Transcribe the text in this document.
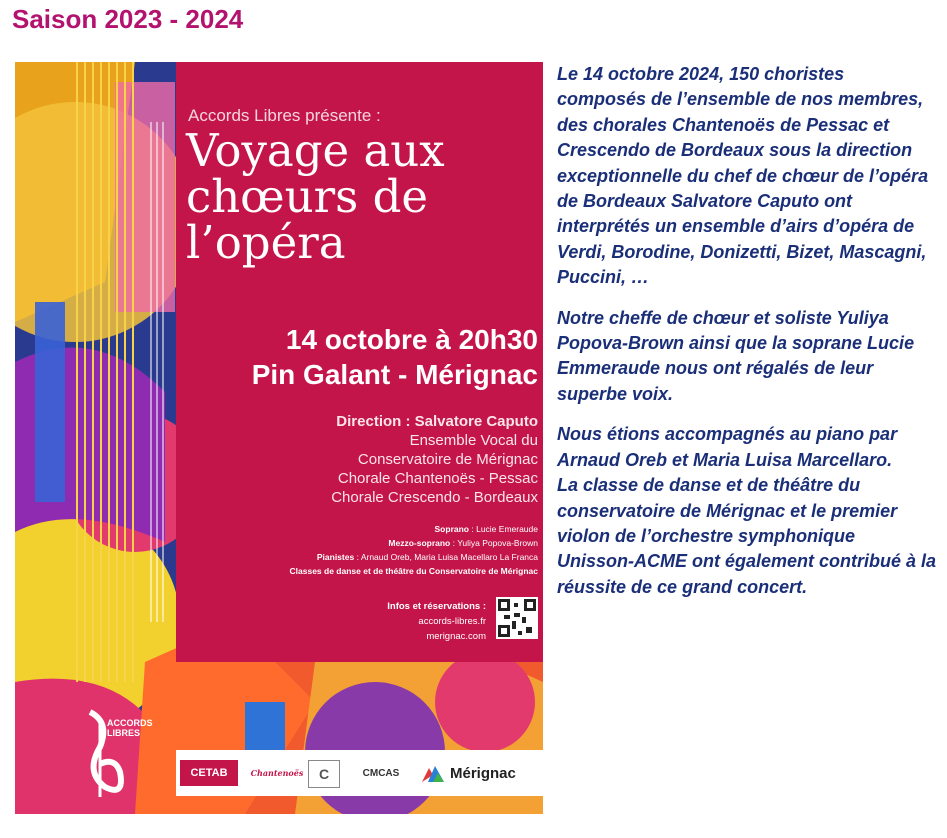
Saison 2023 - 2024
Accords Libres présente :
Voyage aux
chœurs de
l’opéra
14 octobre à 20h30
Pin Galant - Mérignac
Direction : Salvatore Caputo
Ensemble Vocal du
Conservatoire de Mérignac
Chorale Chantenoës - Pessac
Chorale Crescendo - Bordeaux
Soprano : Lucie Emeraude
Mezzo-soprano : Yuliya Popova-Brown
Pianistes : Arnaud Oreb, Maria Luisa Macellaro La Franca
Classes de danse et de théâtre du Conservatoire de Mérignac
Infos et réservations :
accords-libres.fr
merignac.com
ACCORDS
LIBRES
CETAB	Chantenoës	C	CMCAS	Mérignac

Le 14 octobre 2024, 150 choristes composés de l’ensemble de nos membres, des chorales Chantenoës de Pessac et Crescendo de Bordeaux sous la direction exceptionnelle du chef de chœur de l’opéra de Bordeaux Salvatore Caputo ont interprétés un ensemble d’airs d’opéra de Verdi, Borodine, Donizetti, Bizet, Mascagni, Puccini, …

Notre cheffe de chœur et soliste Yuliya Popova-Brown ainsi que la soprane Lucie Emmeraude nous ont régalés de leur superbe voix.

Nous étions accompagnés au piano par Arnaud Oreb et Maria Luisa Marcellaro.

La classe de danse et de théâtre du conservatoire de Mérignac et le premier violon de l’orchestre symphonique Unisson-ACME ont également contribué à la réussite de ce grand concert.
